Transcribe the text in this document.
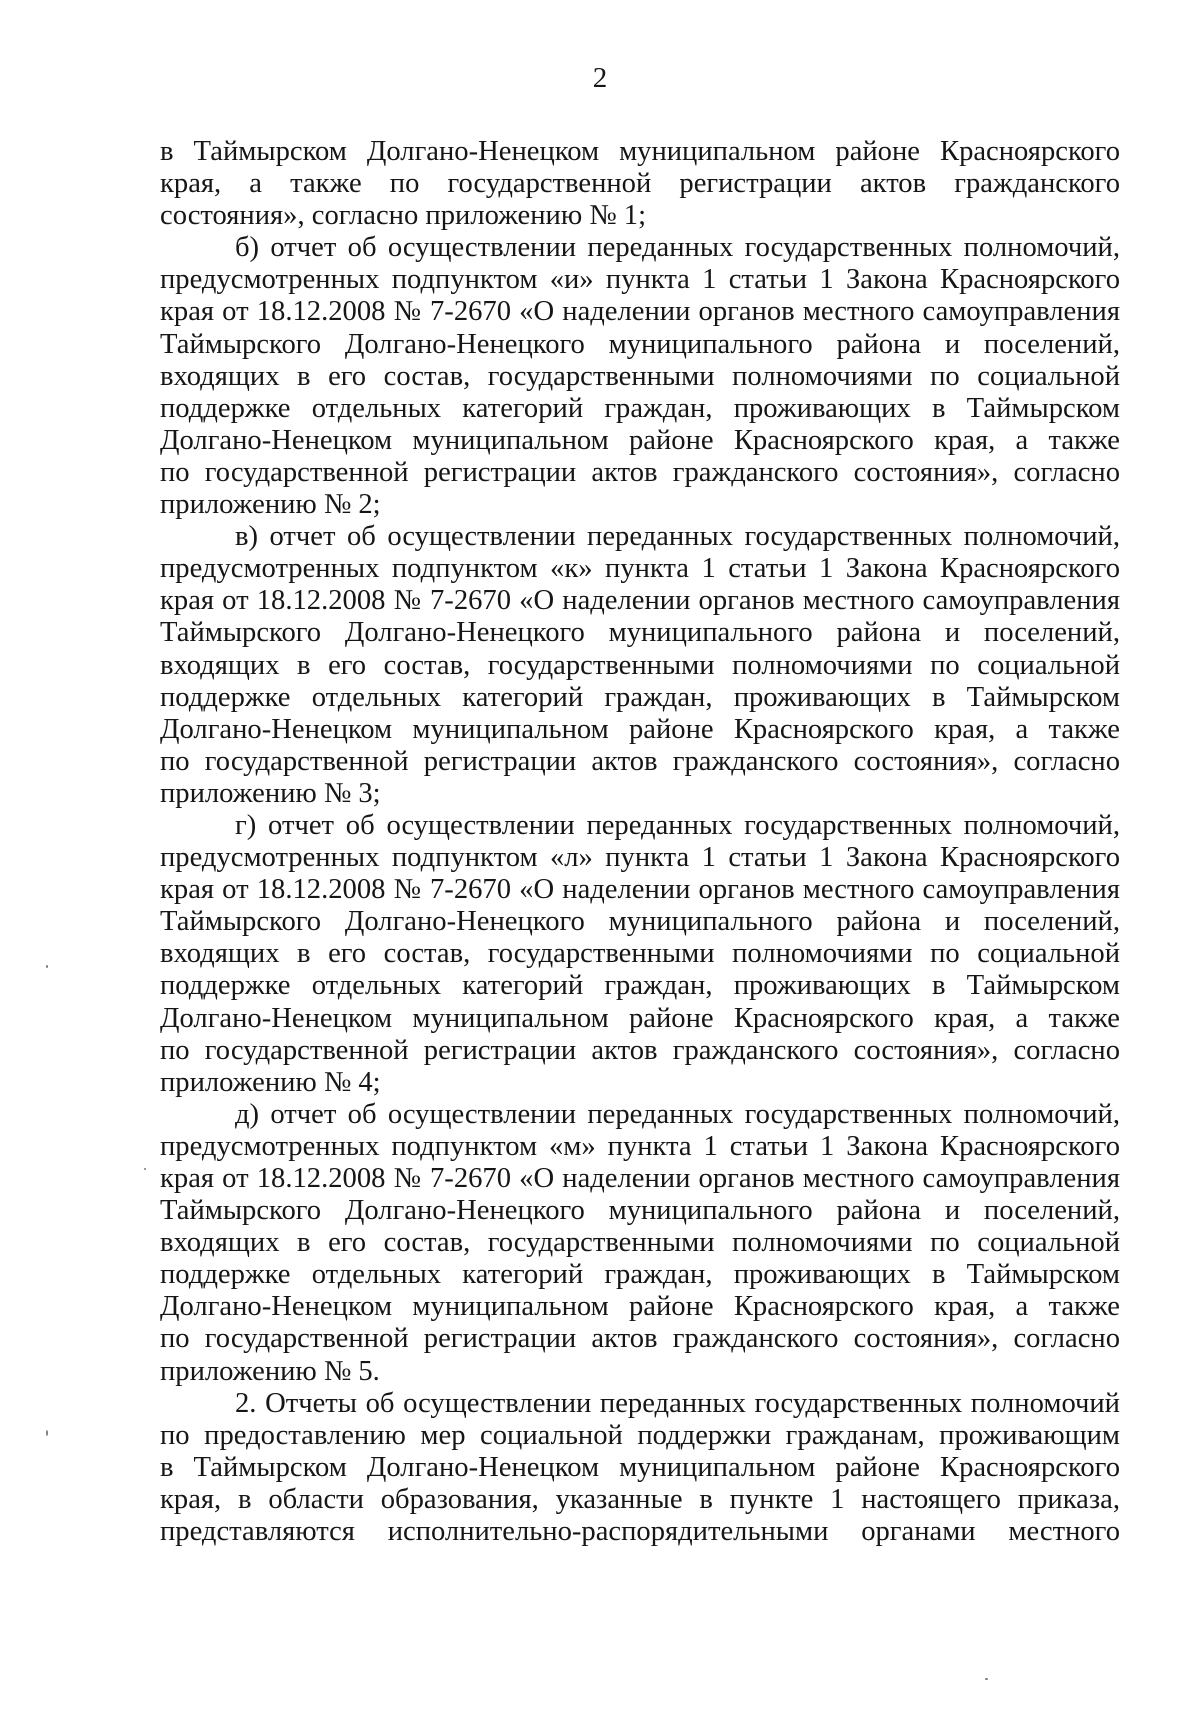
2
в Таймырском Долгано-Ненецком муниципальном районе Красноярского
края, а также по государственной регистрации актов гражданского
состояния», согласно приложению № 1;
б) отчет об осуществлении переданных государственных полномочий,
предусмотренных подпунктом «и» пункта 1 статьи 1 Закона Красноярского
края от 18.12.2008 № 7-2670 «О наделении органов местного самоуправления
Таймырского Долгано-Ненецкого муниципального района и поселений,
входящих в его состав, государственными полномочиями по социальной
поддержке отдельных категорий граждан, проживающих в Таймырском
Долгано-Ненецком муниципальном районе Красноярского края, а также
по государственной регистрации актов гражданского состояния», согласно
приложению № 2;
в) отчет об осуществлении переданных государственных полномочий,
предусмотренных подпунктом «к» пункта 1 статьи 1 Закона Красноярского
края от 18.12.2008 № 7-2670 «О наделении органов местного самоуправления
Таймырского Долгано-Ненецкого муниципального района и поселений,
входящих в его состав, государственными полномочиями по социальной
поддержке отдельных категорий граждан, проживающих в Таймырском
Долгано-Ненецком муниципальном районе Красноярского края, а также
по государственной регистрации актов гражданского состояния», согласно
приложению № 3;
г) отчет об осуществлении переданных государственных полномочий,
предусмотренных подпунктом «л» пункта 1 статьи 1 Закона Красноярского
края от 18.12.2008 № 7-2670 «О наделении органов местного самоуправления
Таймырского Долгано-Ненецкого муниципального района и поселений,
входящих в его состав, государственными полномочиями по социальной
поддержке отдельных категорий граждан, проживающих в Таймырском
Долгано-Ненецком муниципальном районе Красноярского края, а также
по государственной регистрации актов гражданского состояния», согласно
приложению № 4;
д) отчет об осуществлении переданных государственных полномочий,
предусмотренных подпунктом «м» пункта 1 статьи 1 Закона Красноярского
края от 18.12.2008 № 7-2670 «О наделении органов местного самоуправления
Таймырского Долгано-Ненецкого муниципального района и поселений,
входящих в его состав, государственными полномочиями по социальной
поддержке отдельных категорий граждан, проживающих в Таймырском
Долгано-Ненецком муниципальном районе Красноярского края, а также
по государственной регистрации актов гражданского состояния», согласно
приложению № 5.
2. Отчеты об осуществлении переданных государственных полномочий
по предоставлению мер социальной поддержки гражданам, проживающим
в Таймырском Долгано-Ненецком муниципальном районе Красноярского
края, в области образования, указанные в пункте 1 настоящего приказа,
представляются исполнительно-распорядительными органами местного
